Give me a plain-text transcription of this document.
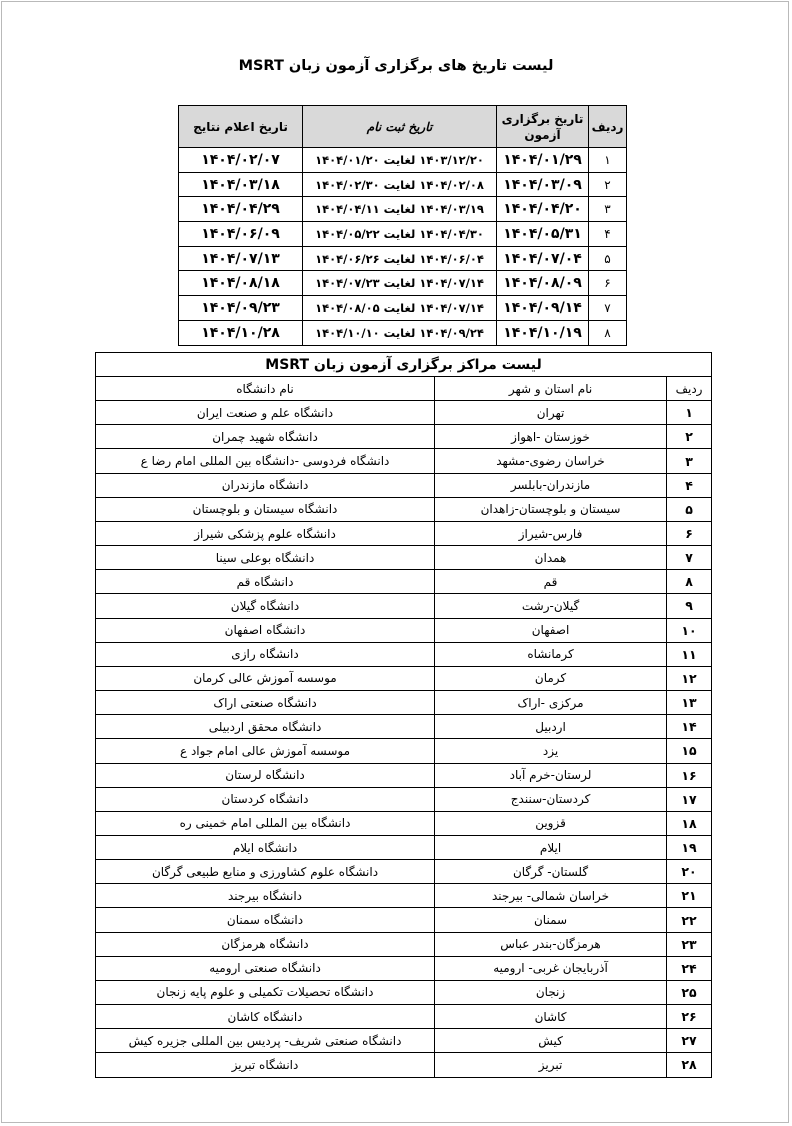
لیست تاریخ های برگزاری آزمون زبان MSRT
ردیف	تاریخ برگزاری آزمون	تاریخ ثبت نام	تاریخ اعلام نتایج
۱	۱۴۰۴/۰۱/۲۹	۱۴۰۳/۱۲/۲۰ لغایت ۱۴۰۴/۰۱/۲۰	۱۴۰۴/۰۲/۰۷
۲	۱۴۰۴/۰۳/۰۹	۱۴۰۴/۰۲/۰۸ لغایت ۱۴۰۴/۰۲/۳۰	۱۴۰۴/۰۳/۱۸
۳	۱۴۰۴/۰۴/۲۰	۱۴۰۴/۰۳/۱۹ لغایت ۱۴۰۴/۰۴/۱۱	۱۴۰۴/۰۴/۲۹
۴	۱۴۰۴/۰۵/۳۱	۱۴۰۴/۰۴/۳۰ لغایت ۱۴۰۴/۰۵/۲۲	۱۴۰۴/۰۶/۰۹
۵	۱۴۰۴/۰۷/۰۴	۱۴۰۴/۰۶/۰۴ لغایت ۱۴۰۴/۰۶/۲۶	۱۴۰۴/۰۷/۱۳
۶	۱۴۰۴/۰۸/۰۹	۱۴۰۴/۰۷/۱۴ لغایت ۱۴۰۴/۰۷/۲۳	۱۴۰۴/۰۸/۱۸
۷	۱۴۰۴/۰۹/۱۴	۱۴۰۴/۰۷/۱۴ لغایت ۱۴۰۴/۰۸/۰۵	۱۴۰۴/۰۹/۲۳
۸	۱۴۰۴/۱۰/۱۹	۱۴۰۴/۰۹/۲۴ لغایت ۱۴۰۴/۱۰/۱۰	۱۴۰۴/۱۰/۲۸
لیست مراکز برگزاری آزمون زبان MSRT		
ردیف	نام استان و شهر	نام دانشگاه
۱	تهران	دانشگاه علم و صنعت ایران
۲	خوزستان -اهواز	دانشگاه شهید چمران
۳	خراسان رضوی-مشهد	دانشگاه فردوسی -دانشگاه بین المللی امام رضا ع
۴	مازندران-بابلسر	دانشگاه مازندران
۵	سیستان و بلوچستان-زاهدان	دانشگاه سیستان و بلوچستان
۶	فارس-شیراز	دانشگاه علوم پزشکی شیراز
۷	همدان	دانشگاه بوعلی سینا
۸	قم	دانشگاه قم
۹	گیلان-رشت	دانشگاه گیلان
۱۰	اصفهان	دانشگاه اصفهان
۱۱	کرمانشاه	دانشگاه رازی
۱۲	کرمان	موسسه آموزش عالی کرمان
۱۳	مرکزی -اراک	دانشگاه صنعتی اراک
۱۴	اردبیل	دانشگاه محقق اردبیلی
۱۵	یزد	موسسه آموزش عالی امام جواد ع
۱۶	لرستان-خرم آباد	دانشگاه لرستان
۱۷	کردستان-سنندج	دانشگاه کردستان
۱۸	قزوین	دانشگاه بین المللی امام خمینی ره
۱۹	ایلام	دانشگاه ایلام
۲۰	گلستان- گرگان	دانشگاه علوم کشاورزی و منابع طبیعی گرگان
۲۱	خراسان شمالی- بیرجند	دانشگاه بیرجند
۲۲	سمنان	دانشگاه سمنان
۲۳	هرمزگان-بندر عباس	دانشگاه هرمزگان
۲۴	آذربایجان غربی- ارومیه	دانشگاه صنعتی ارومیه
۲۵	زنجان	دانشگاه تحصیلات تکمیلی و علوم پایه زنجان
۲۶	کاشان	دانشگاه کاشان
۲۷	کیش	دانشگاه صنعتی شریف- پردیس بین المللی جزیره کیش
۲۸	تبریز	دانشگاه تبریز
